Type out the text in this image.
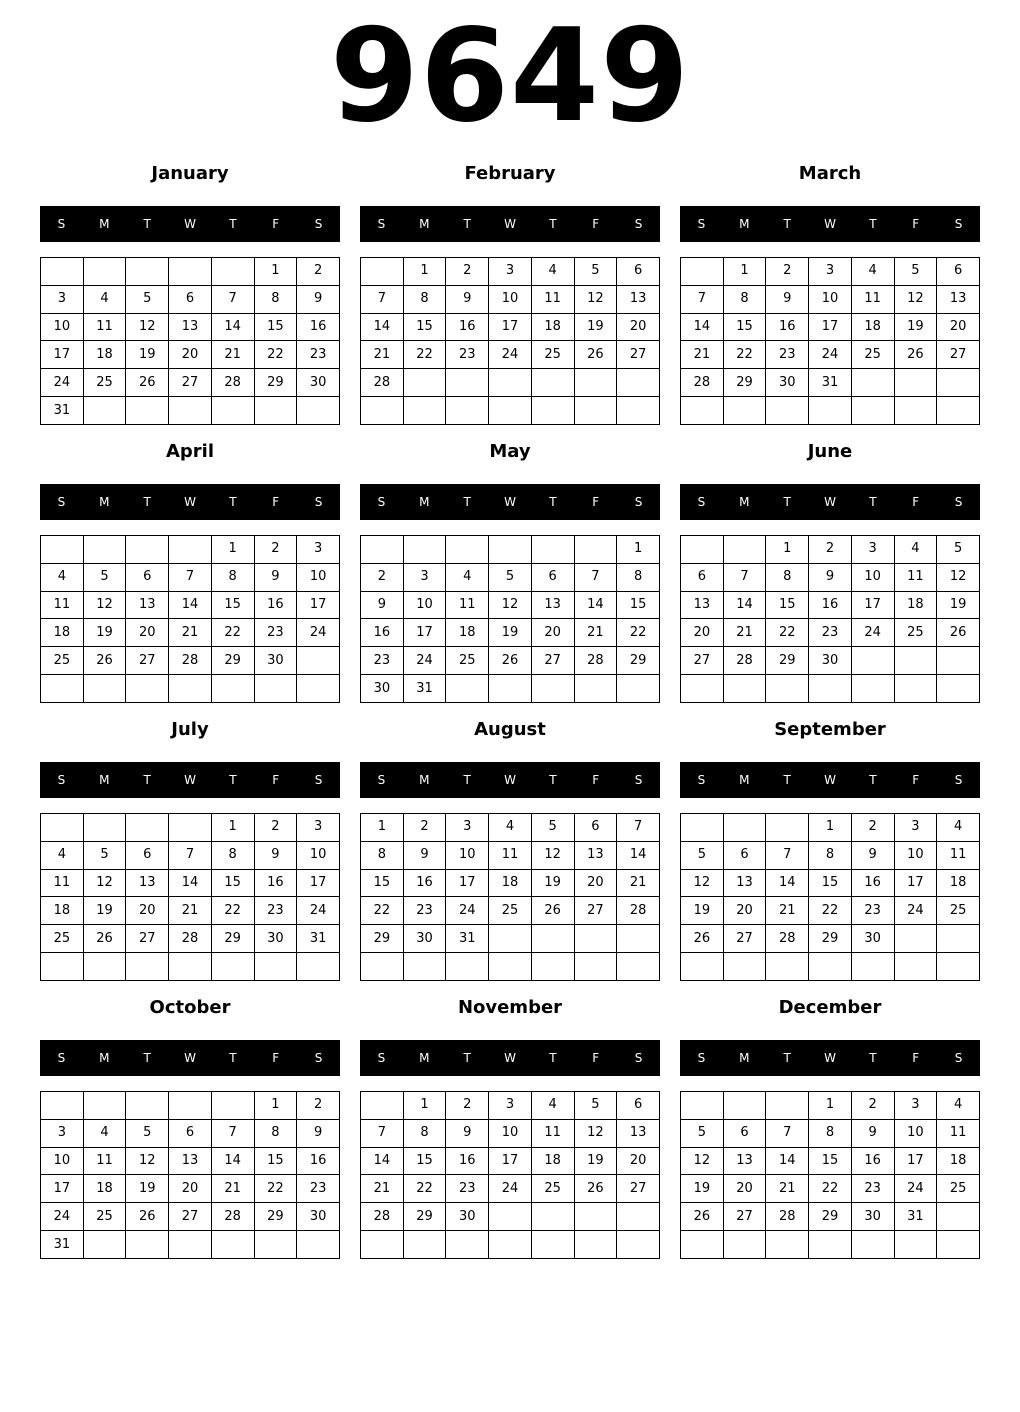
9649
January
S	M	T	W	T	F	S
					1	2
3	4	5	6	7	8	9
10	11	12	13	14	15	16
17	18	19	20	21	22	23
24	25	26	27	28	29	30
31						
February
S	M	T	W	T	F	S
	1	2	3	4	5	6
7	8	9	10	11	12	13
14	15	16	17	18	19	20
21	22	23	24	25	26	27
28						

March
S	M	T	W	T	F	S
	1	2	3	4	5	6
7	8	9	10	11	12	13
14	15	16	17	18	19	20
21	22	23	24	25	26	27
28	29	30	31			

April
S	M	T	W	T	F	S
				1	2	3
4	5	6	7	8	9	10
11	12	13	14	15	16	17
18	19	20	21	22	23	24
25	26	27	28	29	30	

May
S	M	T	W	T	F	S
						1
2	3	4	5	6	7	8
9	10	11	12	13	14	15
16	17	18	19	20	21	22
23	24	25	26	27	28	29
30	31					
June
S	M	T	W	T	F	S
		1	2	3	4	5
6	7	8	9	10	11	12
13	14	15	16	17	18	19
20	21	22	23	24	25	26
27	28	29	30			

July
S	M	T	W	T	F	S
				1	2	3
4	5	6	7	8	9	10
11	12	13	14	15	16	17
18	19	20	21	22	23	24
25	26	27	28	29	30	31

August
S	M	T	W	T	F	S
1	2	3	4	5	6	7
8	9	10	11	12	13	14
15	16	17	18	19	20	21
22	23	24	25	26	27	28
29	30	31				

September
S	M	T	W	T	F	S
			1	2	3	4
5	6	7	8	9	10	11
12	13	14	15	16	17	18
19	20	21	22	23	24	25
26	27	28	29	30		

October
S	M	T	W	T	F	S
					1	2
3	4	5	6	7	8	9
10	11	12	13	14	15	16
17	18	19	20	21	22	23
24	25	26	27	28	29	30
31						
November
S	M	T	W	T	F	S
	1	2	3	4	5	6
7	8	9	10	11	12	13
14	15	16	17	18	19	20
21	22	23	24	25	26	27
28	29	30				

December
S	M	T	W	T	F	S
			1	2	3	4
5	6	7	8	9	10	11
12	13	14	15	16	17	18
19	20	21	22	23	24	25
26	27	28	29	30	31	
